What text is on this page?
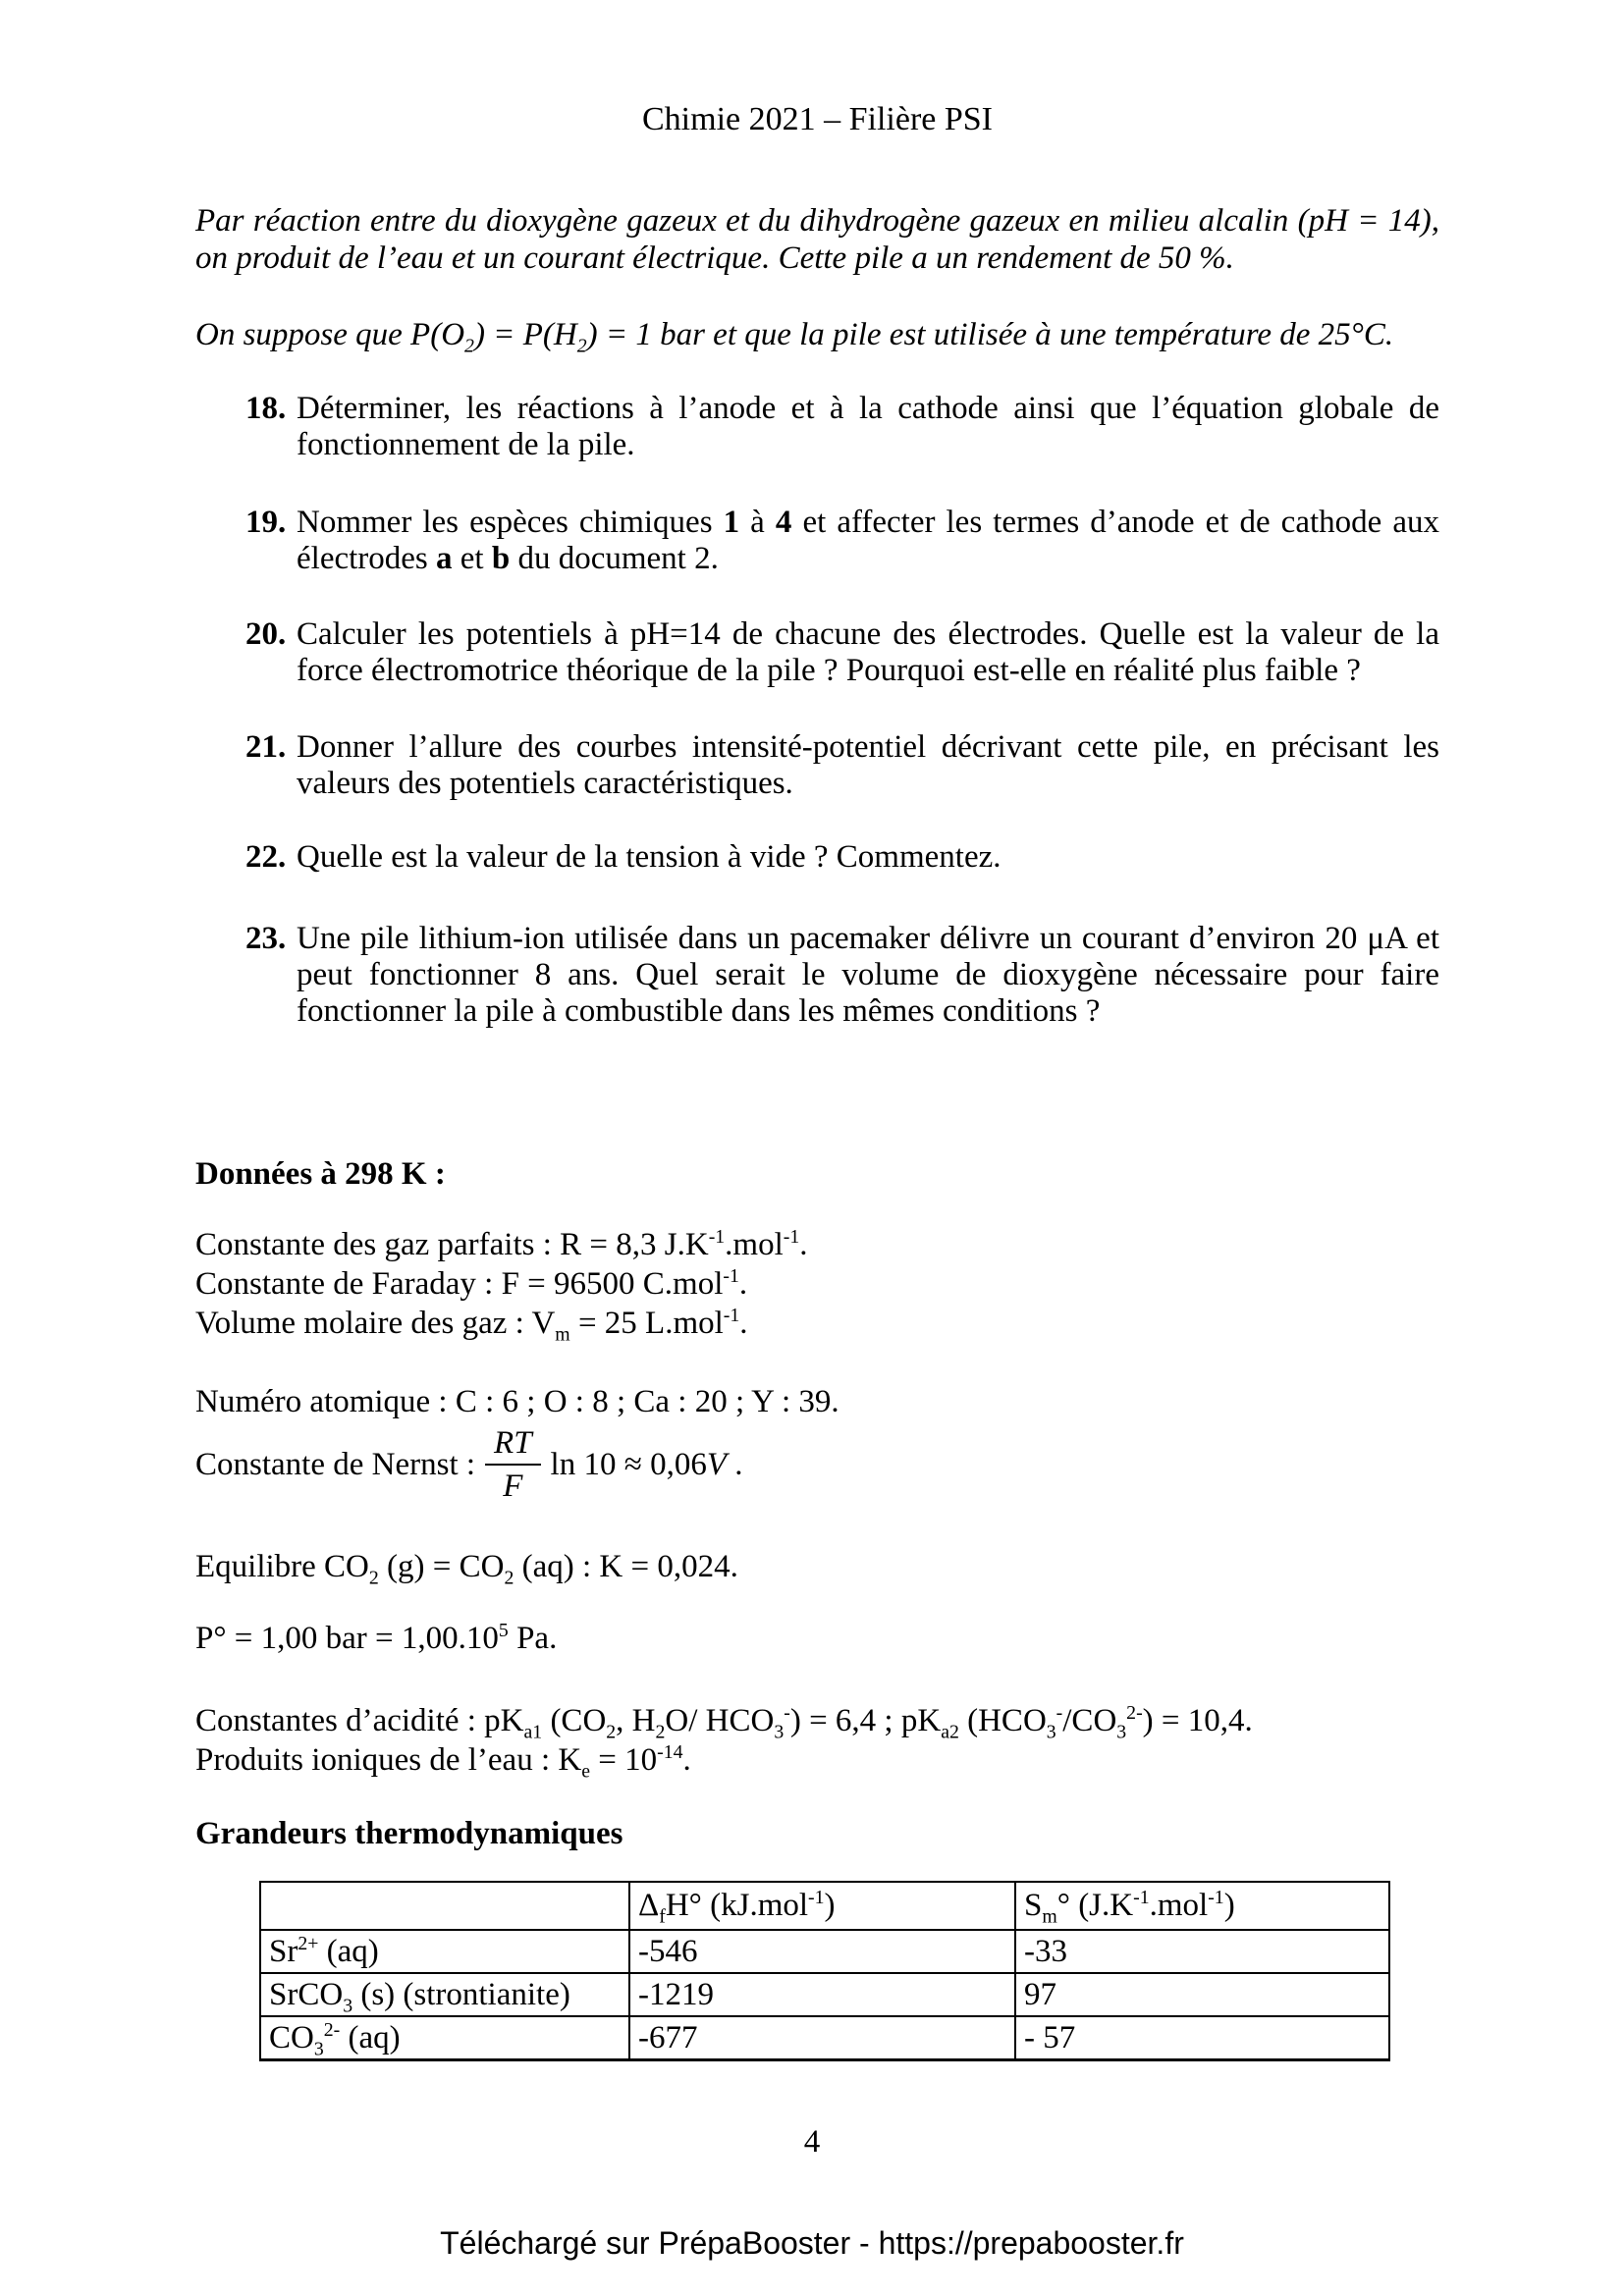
Chimie 2021 – Filière PSI

Par réaction entre du dioxygène gazeux et du dihydrogène gazeux en milieu alcalin (pH = 14), on produit de l’eau et un courant électrique. Cette pile a un rendement de 50 %.

On suppose que $P(O_2) = P(H_2) = 1$ bar et que la pile est utilisée à une température de 25°C.

18. Déterminer, les réactions à l’anode et à la cathode ainsi que l’équation globale de fonctionnement de la pile.
19. Nommer les espèces chimiques 1 à 4 et affecter les termes d’anode et de cathode aux électrodes a et b du document 2.
20. Calculer les potentiels à pH=14 de chacune des électrodes. Quelle est la valeur de la force électromotrice théorique de la pile ? Pourquoi est-elle en réalité plus faible ?
21. Donner l’allure des courbes intensité-potentiel décrivant cette pile, en précisant les valeurs des potentiels caractéristiques.
22. Quelle est la valeur de la tension à vide ? Commentez.
23. Une pile lithium-ion utilisée dans un pacemaker délivre un courant d’environ 20 μA et peut fonctionner 8 ans. Quel serait le volume de dioxygène nécessaire pour faire fonctionner la pile à combustible dans les mêmes conditions ?
Données à 298 K :
Constante des gaz parfaits : R = 8,3 $J.K^{-1}.mol^{-1}$.
Constante de Faraday : F = 96500 C.mol$^{-1}$.
Volume molaire des gaz : $V_m = 25$ L.mol$^{-1}$.
Numéro atomique : C : 6 ; O : 8 ; Ca : 20 ; Y : 39.
Constante de Nernst : $\frac{RT}{F}$ ln 10 ≈ 0,06V .
Equilibre $CO_2$ $(g) = CO_2$ (aq) : K = 0,024.
P° = 1,00 bar = $1,00.10^5$ Pa.
Constantes d’acidité : $pK_{a1}$ ($CO_2$, $H_2O/$ $HCO_3^-) = 6,4$ ; $pK_{a2}$ $(HCO_3^-/CO_3^{2-}) = 10,4$.
Produits ioniques de l’eau : $K_e = 10^{-14}$.
Grandeurs thermodynamiques
	$\Delta_fH^\circ$ (kJ.mol$^{-1}$)	$S_m^\circ$ $(J.K^{-1}.mol^{-1})$
$Sr^{2+}$ (aq)	-546	-33
SrCO$_3$ (s) (strontianite)	-1219	97
$CO_3^{2-}$ (aq)	-677	- 57
4
Téléchargé sur PrépaBooster - https://prepabooster.fr
